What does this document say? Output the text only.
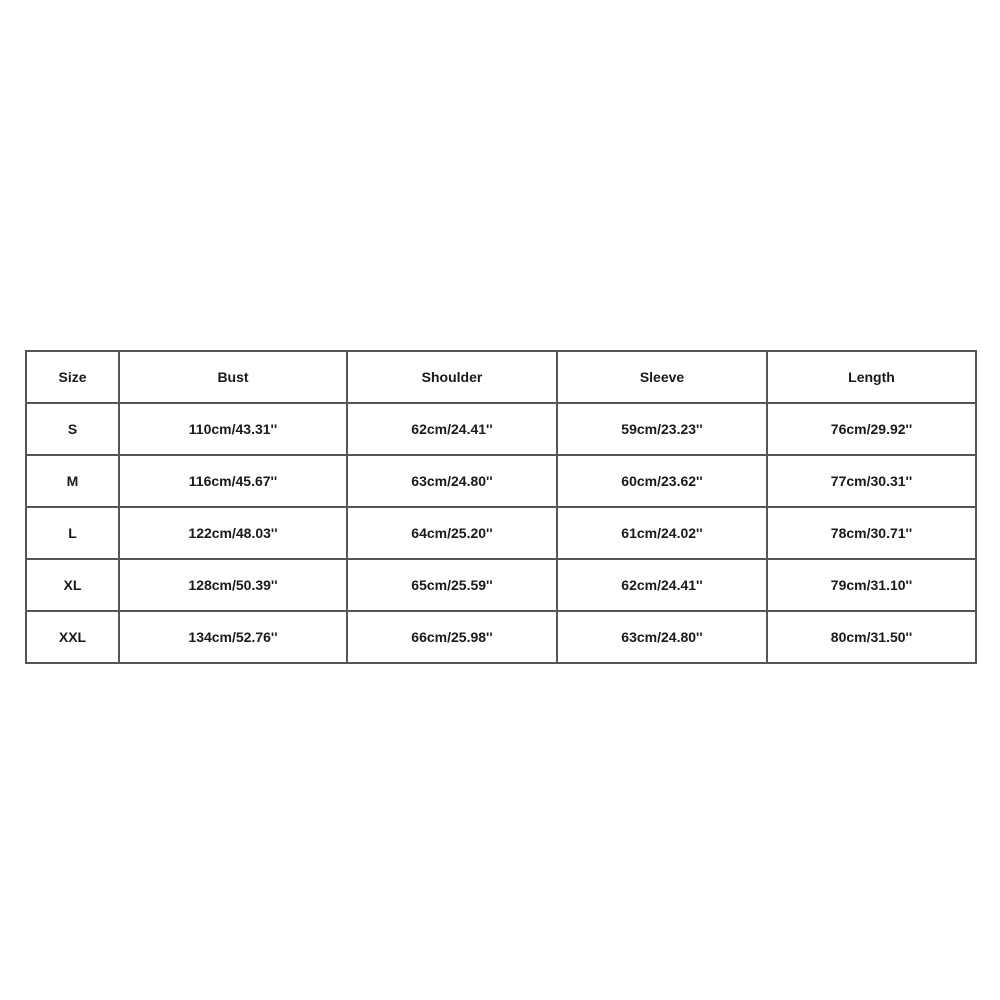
Size	Bust	Shoulder	Sleeve	Length
S	110cm/43.31''	62cm/24.41''	59cm/23.23''	76cm/29.92''
M	116cm/45.67''	63cm/24.80''	60cm/23.62''	77cm/30.31''
L	122cm/48.03''	64cm/25.20''	61cm/24.02''	78cm/30.71''
XL	128cm/50.39''	65cm/25.59''	62cm/24.41''	79cm/31.10''
XXL	134cm/52.76''	66cm/25.98''	63cm/24.80''	80cm/31.50''
